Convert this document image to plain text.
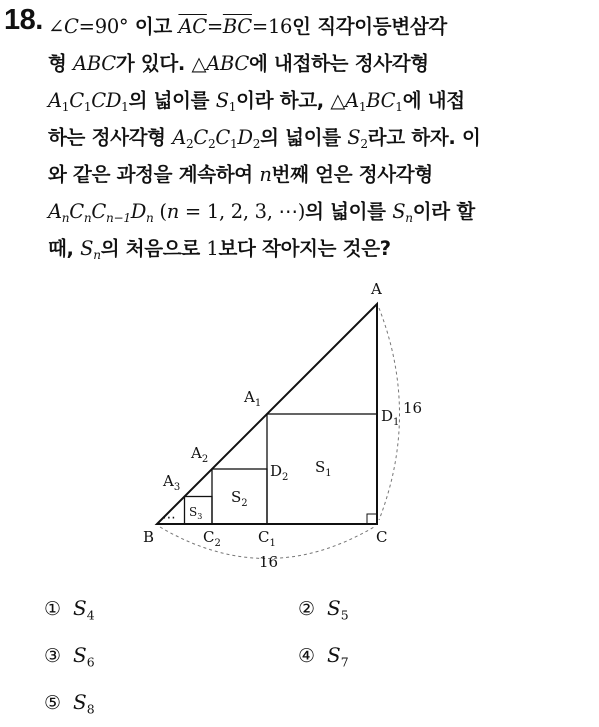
18. ∠C=90° 이고 $\overline{AC}=\overline{BC}=16$인 직각이등변삼각
형 ABC가 있다. △ABC에 내접하는 정사각형
$A_1C_1CD_1$의 넓이를 $S_1$이라 하고, $\triangle A_1BC_1$에 내접
하는 정사각형 $A_2C_2C_1D_2$의 넓이를 $S_2$라고 하자. 이
와 같은 과정을 계속하여 n번째 얻은 정사각형
$A_nC_nC_{n-1}D_n$ (n = 1, 2, 3, ⋯)의 넓이를 $S_n$이라 할
때, $S_n$의 처음으로 1보다 작아지는 것은?

⋯
A
B	C
$A_1$
$A_2$
$A_3$
$C_1$
$C_2$
$D_1$
$D_2$
$S_1$
$S_2$
$S_3$
16
16
① $S_4$	② $S_5$
③ $S_6$	④ $S_7$
⑤ $S_8$
